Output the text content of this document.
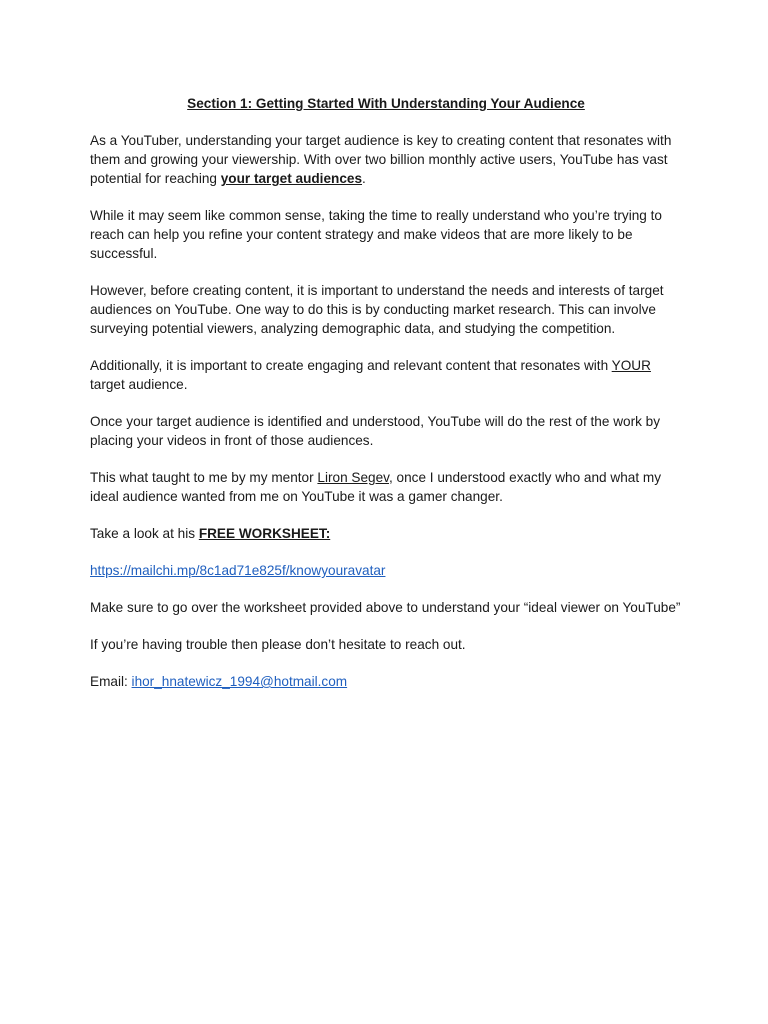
Section 1: Getting Started With Understanding Your Audience

As a YouTuber, understanding your target audience is key to creating content that resonates with them and growing your viewership. With over two billion monthly active users, YouTube has vast potential for reaching your target audiences.

While it may seem like common sense, taking the time to really understand who you’re trying to reach can help you refine your content strategy and make videos that are more likely to be successful.

However, before creating content, it is important to understand the needs and interests of target audiences on YouTube. One way to do this is by conducting market research. This can involve surveying potential viewers, analyzing demographic data, and studying the competition.

Additionally, it is important to create engaging and relevant content that resonates with YOUR target audience.

Once your target audience is identified and understood, YouTube will do the rest of the work by placing your videos in front of those audiences.

This what taught to me by my mentor Liron Segev, once I understood exactly who and what my ideal audience wanted from me on YouTube it was a gamer changer.

Take a look at his FREE WORKSHEET:

https://mailchi.mp/8c1ad71e825f/knowyouravatar

Make sure to go over the worksheet provided above to understand your “ideal viewer on YouTube”

If you’re having trouble then please don’t hesitate to reach out.

Email: ihor_hnatewicz_1994@hotmail.com
